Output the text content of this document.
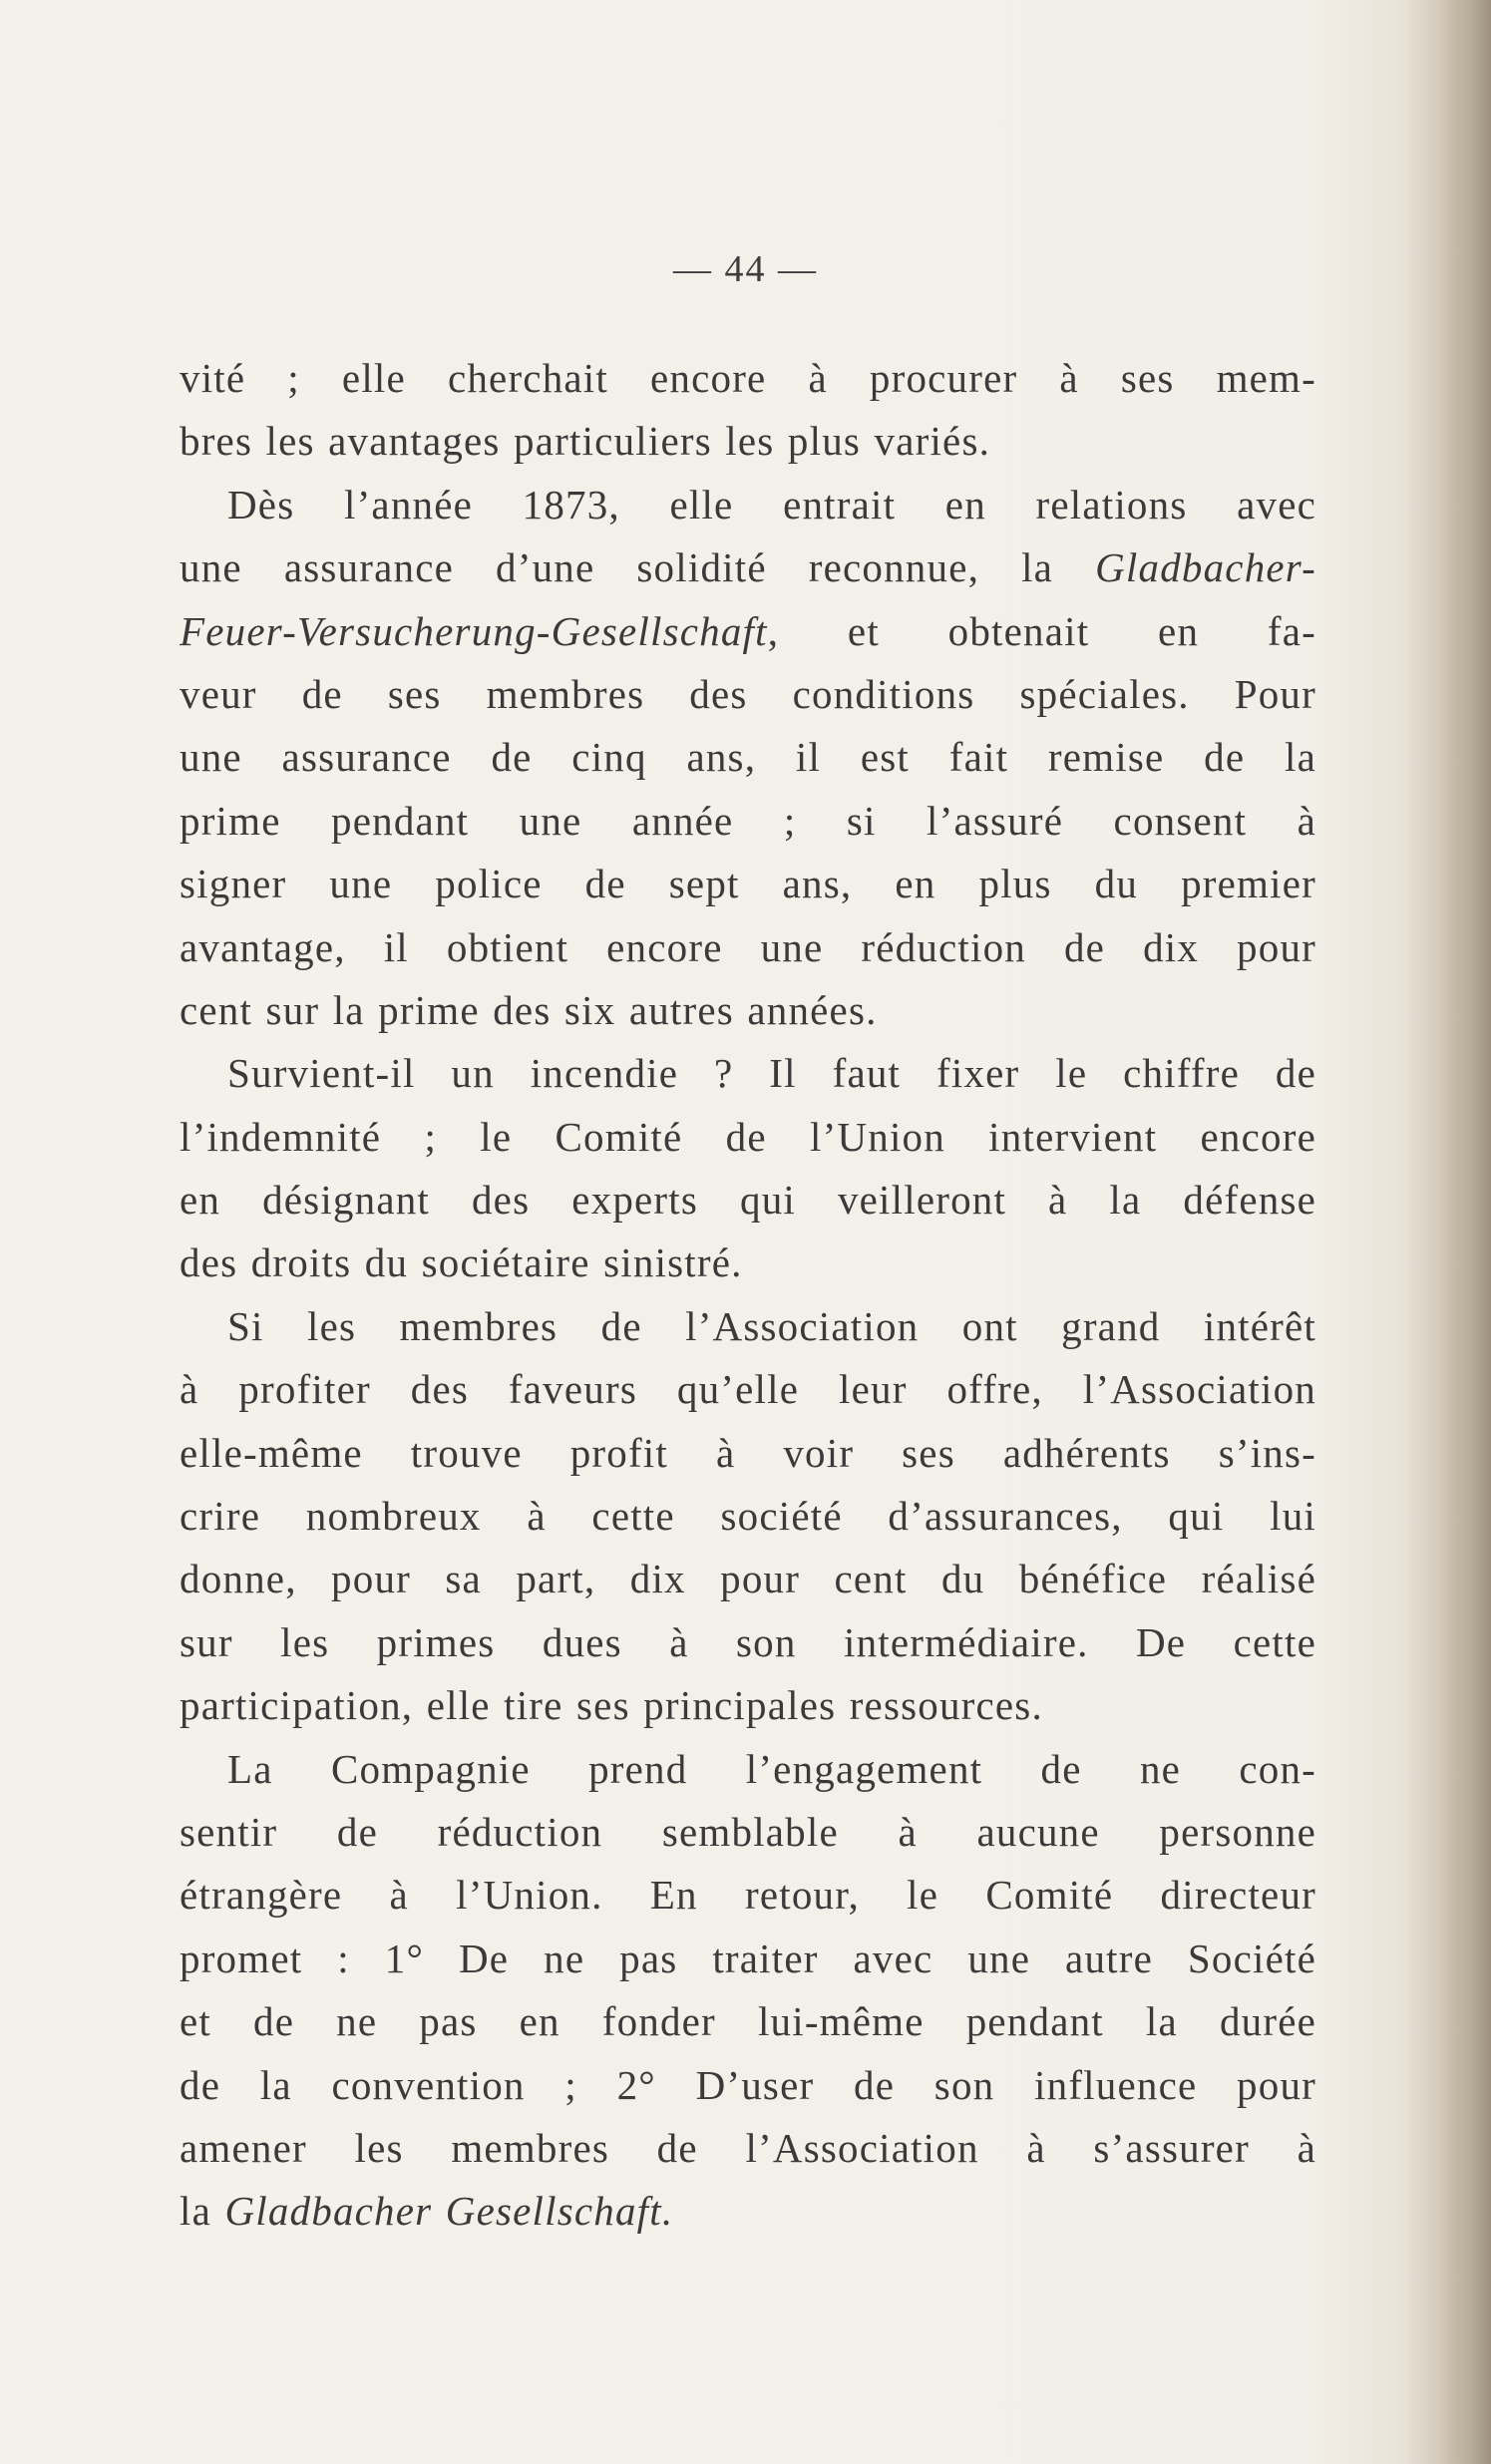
— 44 —
vité ; elle cherchait encore à procurer à ses mem-
bres les avantages particuliers les plus variés.
Dès l’année 1873, elle entrait en relations avec
une assurance d’une solidité reconnue, la Gladbacher-
Feuer-Versucherung-Gesellschaft, et obtenait en fa-
veur de ses membres des conditions spéciales. Pour
une assurance de cinq ans, il est fait remise de la
prime pendant une année ; si l’assuré consent à
signer une police de sept ans, en plus du premier
avantage, il obtient encore une réduction de dix pour
cent sur la prime des six autres années.
Survient-il un incendie ? Il faut fixer le chiffre de
l’indemnité ; le Comité de l’Union intervient encore
en désignant des experts qui veilleront à la défense
des droits du sociétaire sinistré.
Si les membres de l’Association ont grand intérêt
à profiter des faveurs qu’elle leur offre, l’Association
elle-même trouve profit à voir ses adhérents s’ins-
crire nombreux à cette société d’assurances, qui lui
donne, pour sa part, dix pour cent du bénéfice réalisé
sur les primes dues à son intermédiaire. De cette
participation, elle tire ses principales ressources.
La Compagnie prend l’engagement de ne con-
sentir de réduction semblable à aucune personne
étrangère à l’Union. En retour, le Comité directeur
promet : 1° De ne pas traiter avec une autre Société
et de ne pas en fonder lui-même pendant la durée
de la convention ; 2° D’user de son influence pour
amener les membres de l’Association à s’assurer à
la Gladbacher Gesellschaft.
